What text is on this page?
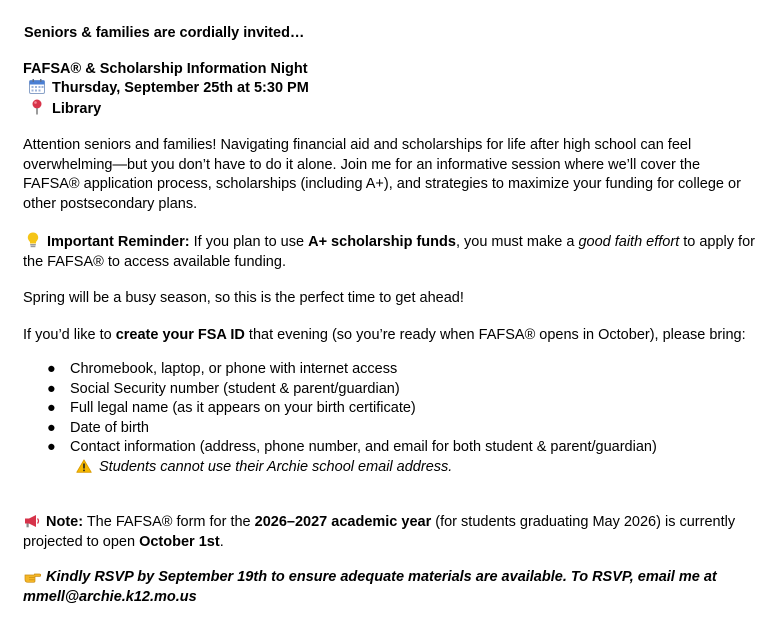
Seniors & families are cordially invited…

FAFSA® & Scholarship Information Night

Thursday, September 25th at 5:30 PM

Library

Attention seniors and families! Navigating financial aid and scholarships for life after high school can feel overwhelming—but you don’t have to do it alone. Join me for an informative session where we’ll cover the FAFSA® application process, scholarships (including A+), and strategies to maximize your funding for college or other postsecondary plans.

Important Reminder: If you plan to use A+ scholarship funds, you must make a good faith effort to apply for the FAFSA® to access available funding.

Spring will be a busy season, so this is the perfect time to get ahead!

If you’d like to create your FSA ID that evening (so you’re ready when FAFSA® opens in October), please bring:

● Chromebook, laptop, or phone with internet access
● Social Security number (student & parent/guardian)
● Full legal name (as it appears on your birth certificate)
● Date of birth
● Contact information (address, phone number, and email for both student & parent/guardian)

Students cannot use their Archie school email address.

Note: The FAFSA® form for the 2026–2027 academic year (for students graduating May 2026) is currently projected to open October 1st.

Kindly RSVP by September 19th to ensure adequate materials are available. To RSVP, email me at mmell@archie.k12.mo.us
